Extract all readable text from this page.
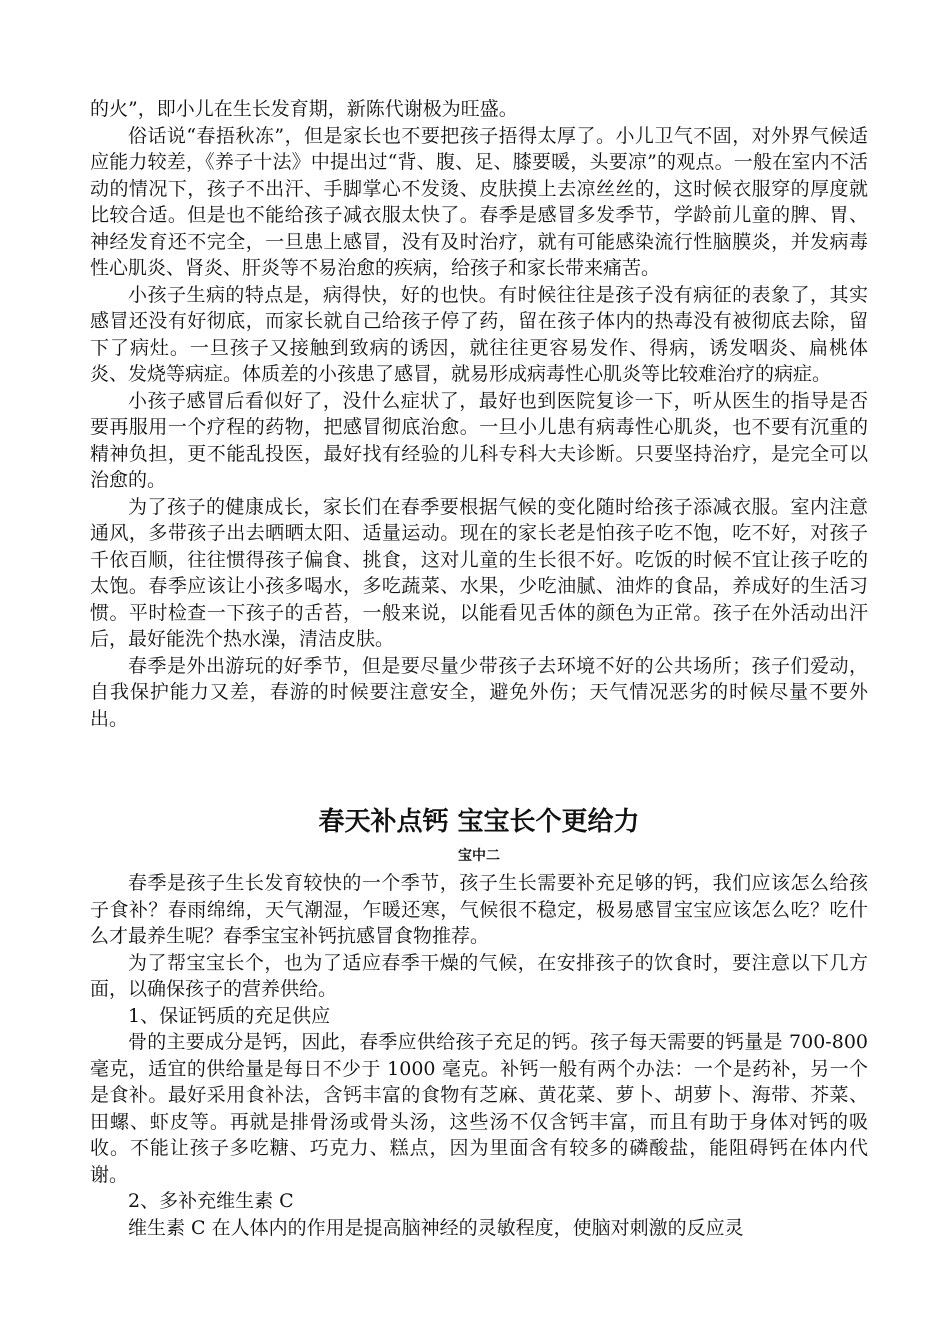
的火”，即小儿在生长发育期，新陈代谢极为旺盛。

俗话说“春捂秋冻”，但是家长也不要把孩子捂得太厚了。小儿卫气不固，对外界气候适应能力较差，《养子十法》中提出过“背、腹、足、膝要暖，头要凉”的观点。一般在室内不活动的情况下，孩子不出汗、手脚掌心不发烫、皮肤摸上去凉丝丝的，这时候衣服穿的厚度就比较合适。但是也不能给孩子减衣服太快了。春季是感冒多发季节，学龄前儿童的脾、胃、神经发育还不完全，一旦患上感冒，没有及时治疗，就有可能感染流行性脑膜炎，并发病毒性心肌炎、肾炎、肝炎等不易治愈的疾病，给孩子和家长带来痛苦。

小孩子生病的特点是，病得快，好的也快。有时候往往是孩子没有病征的表象了，其实感冒还没有好彻底，而家长就自己给孩子停了药，留在孩子体内的热毒没有被彻底去除，留下了病灶。一旦孩子又接触到致病的诱因，就往往更容易发作、得病，诱发咽炎、扁桃体炎、发烧等病症。体质差的小孩患了感冒，就易形成病毒性心肌炎等比较难治疗的病症。

小孩子感冒后看似好了，没什么症状了，最好也到医院复诊一下，听从医生的指导是否要再服用一个疗程的药物，把感冒彻底治愈。一旦小儿患有病毒性心肌炎，也不要有沉重的精神负担，更不能乱投医，最好找有经验的儿科专科大夫诊断。只要坚持治疗，是完全可以治愈的。

为了孩子的健康成长，家长们在春季要根据气候的变化随时给孩子添减衣服。室内注意通风，多带孩子出去晒晒太阳、适量运动。现在的家长老是怕孩子吃不饱，吃不好，对孩子千依百顺，往往惯得孩子偏食、挑食，这对儿童的生长很不好。吃饭的时候不宜让孩子吃的太饱。春季应该让小孩多喝水，多吃蔬菜、水果，少吃油腻、油炸的食品，养成好的生活习惯。平时检查一下孩子的舌苔，一般来说，以能看见舌体的颜色为正常。孩子在外活动出汗后，最好能洗个热水澡，清洁皮肤。

春季是外出游玩的好季节，但是要尽量少带孩子去环境不好的公共场所；孩子们爱动，自我保护能力又差，春游的时候要注意安全，避免外伤；天气情况恶劣的时候尽量不要外出。

春天补点钙 宝宝长个更给力
宝中二

春季是孩子生长发育较快的一个季节，孩子生长需要补充足够的钙，我们应该怎么给孩子食补？春雨绵绵，天气潮湿，乍暖还寒，气候很不稳定，极易感冒宝宝应该怎么吃？吃什么才最养生呢？春季宝宝补钙抗感冒食物推荐。

为了帮宝宝长个，也为了适应春季干燥的气候，在安排孩子的饮食时，要注意以下几方面，以确保孩子的营养供给。

1、保证钙质的充足供应

骨的主要成分是钙，因此，春季应供给孩子充足的钙。孩子每天需要的钙量是 700-800 毫克，适宜的供给量是每日不少于 1000 毫克。补钙一般有两个办法：一个是药补，另一个是食补。最好采用食补法，含钙丰富的食物有芝麻、黄花菜、萝卜、胡萝卜、海带、芥菜、田螺、虾皮等。再就是排骨汤或骨头汤，这些汤不仅含钙丰富，而且有助于身体对钙的吸收。不能让孩子多吃糖、巧克力、糕点，因为里面含有较多的磷酸盐，能阻碍钙在体内代谢。

2、多补充维生素 C

维生素 C 在人体内的作用是提高脑神经的灵敏程度，使脑对刺激的反应灵
